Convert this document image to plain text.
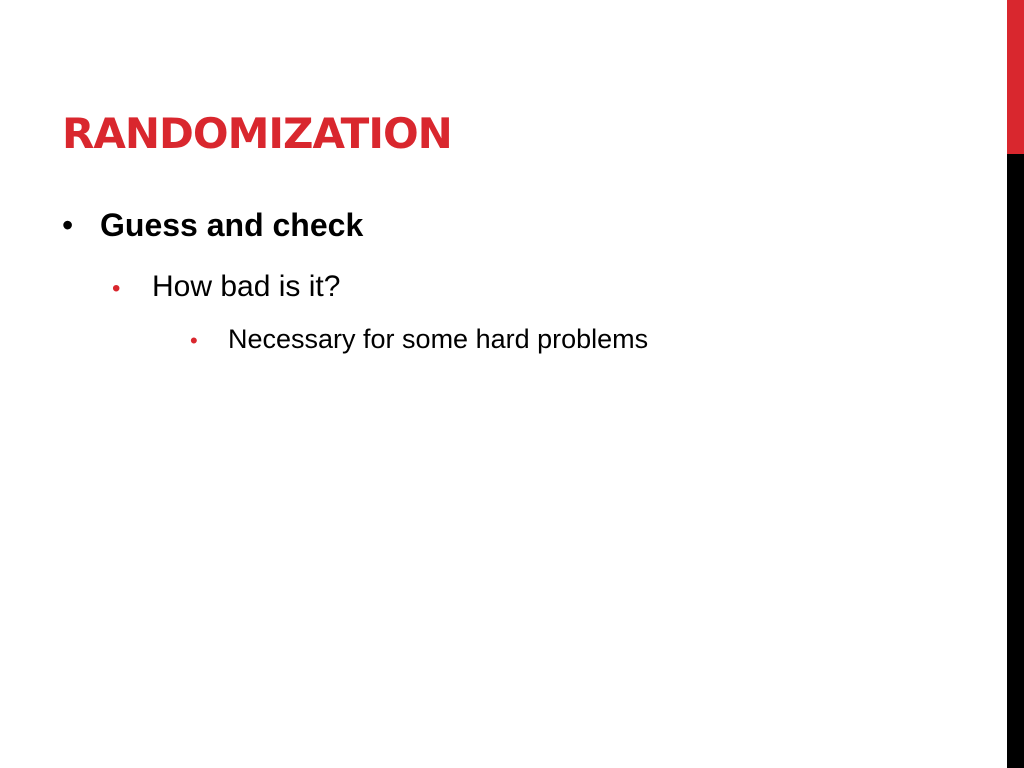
RANDOMIZATION
• Guess and check
•	How bad is it?
•	Necessary for some hard problems
